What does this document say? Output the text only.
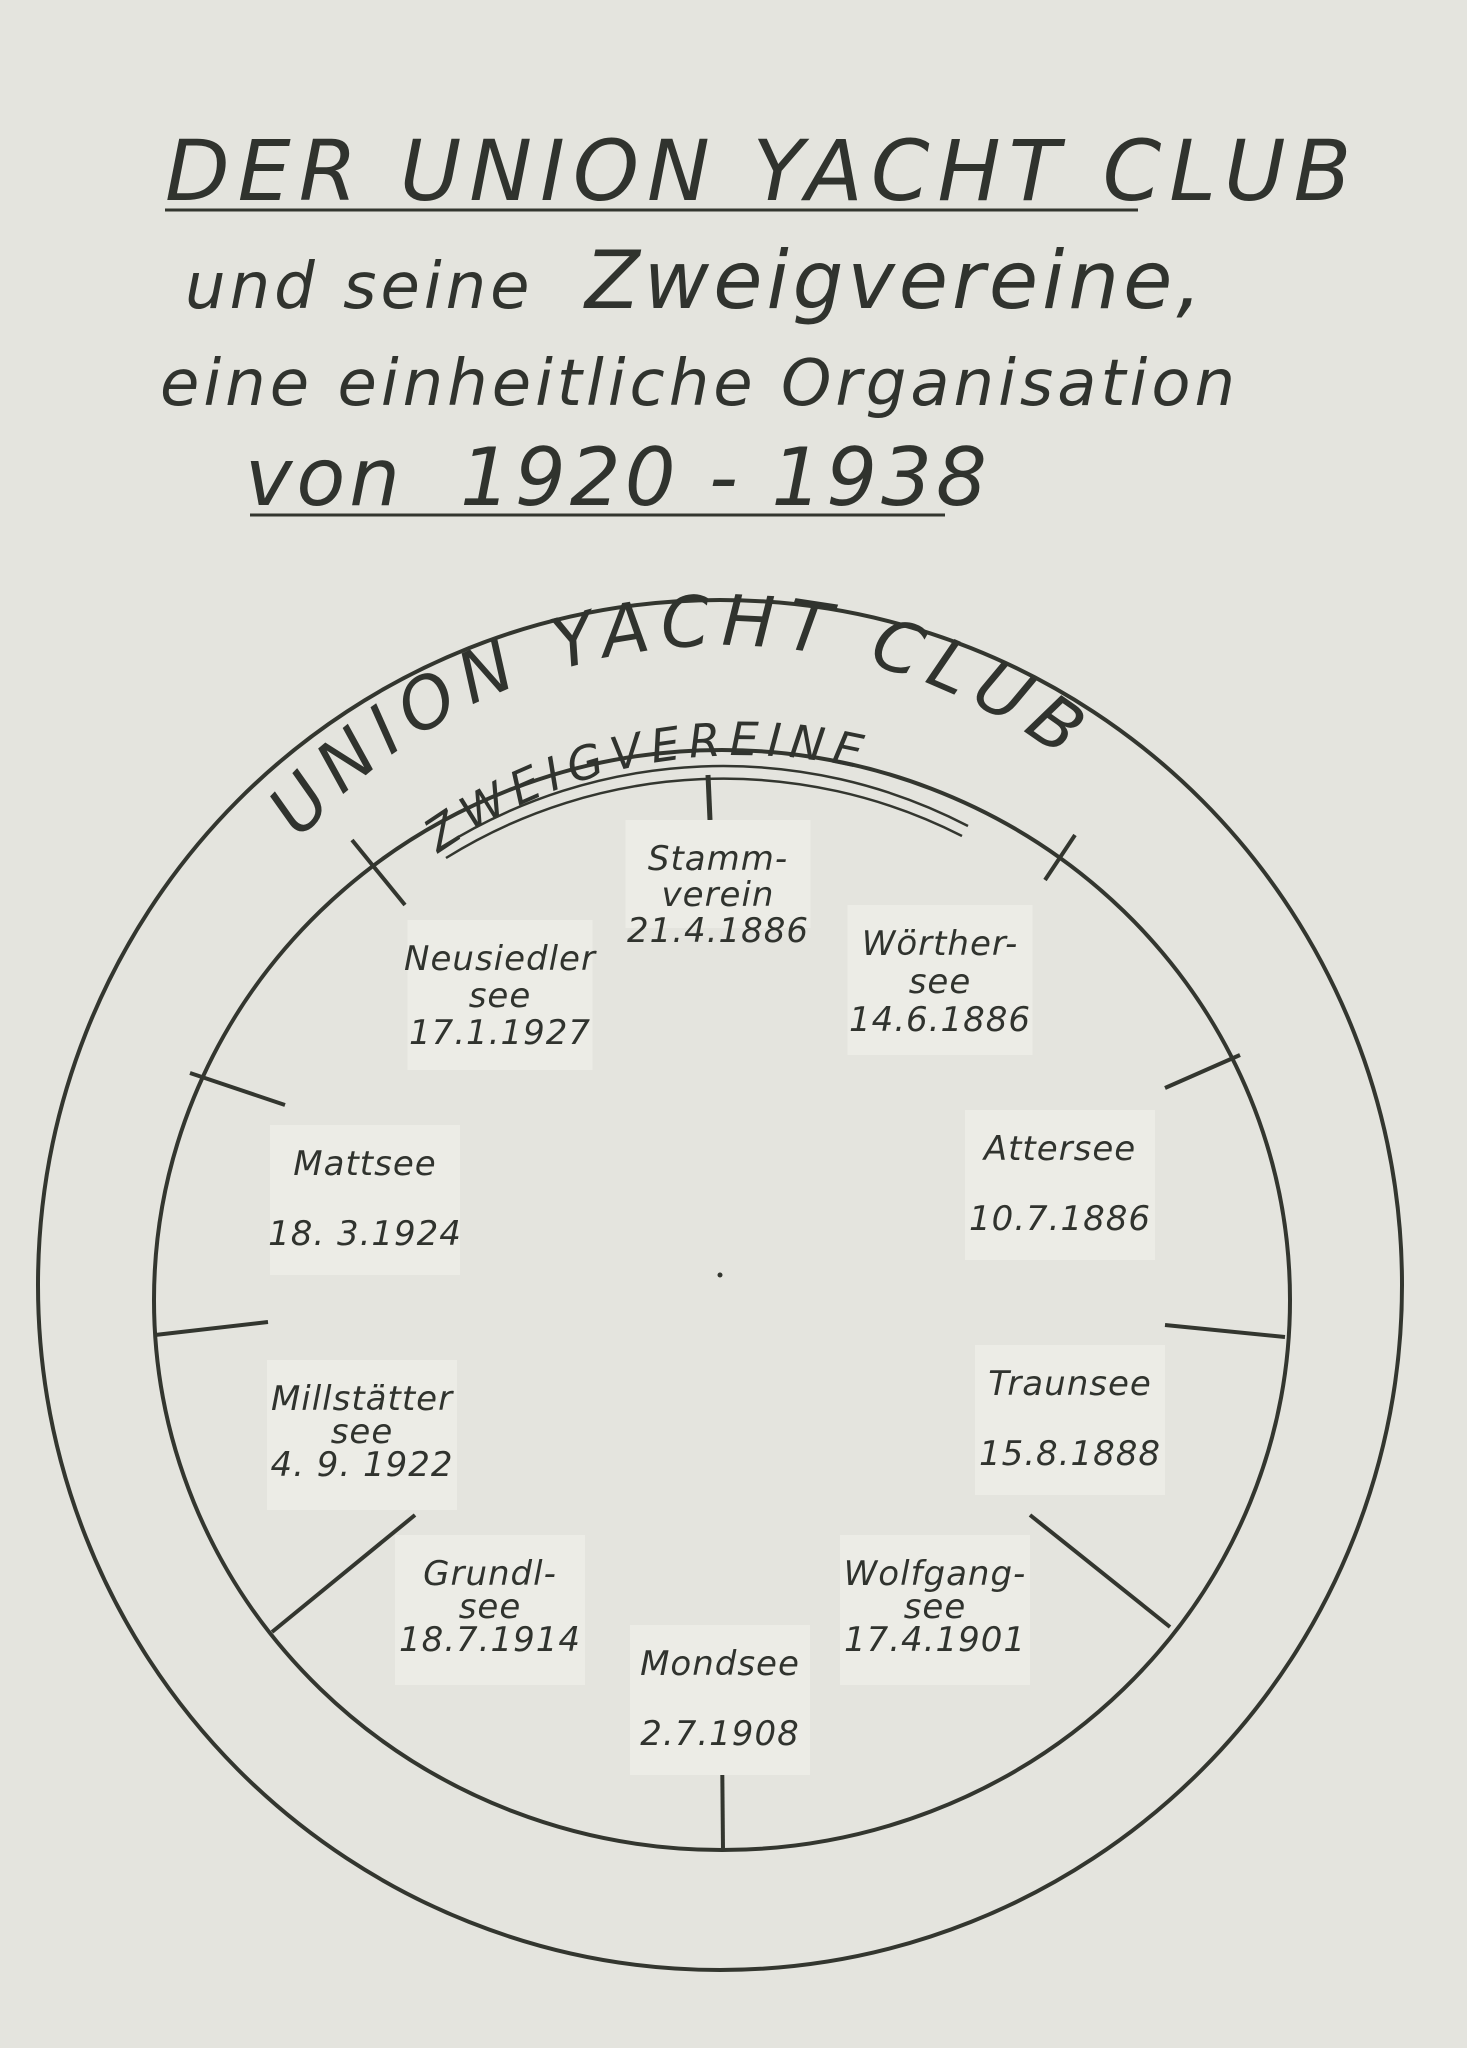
DER UNION YACHT CLUB
und seine Zweigvereine,
eine einheitliche Organisation
von 1920 - 1938
UNION YACHT CLUB
ZWEIGVEREINE
Stamm-
verein
21.4.1886 Wörther-
see
14.6.1886
Attersee
10.7.1886
Traunsee
15.8.1888
Wolfgang-
see
17.4.1901
Mondsee
2.7.1908
Grundl-
see
18.7.1914
Millstätter
see
4. 9. 1922
Mattsee
18. 3.1924
Neusiedler
see
17.1.1927
